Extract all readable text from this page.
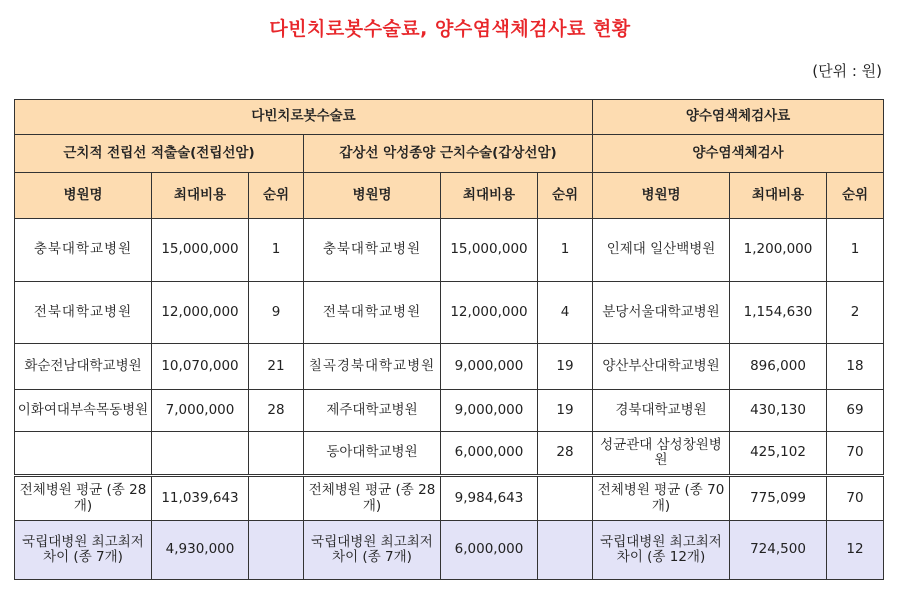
다빈치로봇수술료, 양수염색체검사료 현황
(단위 : 원)
다빈치로봇수술료						양수염색체검사료		
근치적 전립선 적출술(전립선암)			갑상선 악성종양 근치수술(갑상선암)			양수염색체검사		
병원명	최대비용	순위	병원명	최대비용	순위	병원명	최대비용	순위
충북대학교병원	15,000,000	1	충북대학교병원	15,000,000	1	인제대 일산백병원	1,200,000	1
전북대학교병원	12,000,000	9	전북대학교병원	12,000,000	4	분당서울대학교병원	1,154,630	2
화순전남대학교병원	10,070,000	21	칠곡경북대학교병원	9,000,000	19	양산부산대학교병원	896,000	18
이화여대부속목동병원	7,000,000	28	제주대학교병원	9,000,000	19	경북대학교병원	430,130	69
			동아대학교병원	6,000,000	28	성균관대 삼성창원병원	425,102	70
전체병원 평균 (종 28개)	11,039,643		전체병원 평균 (종 28개)	9,984,643		전체병원 평균 (종 70개)	775,099	70
국립대병원 최고최저 차이 (종 7개)	4,930,000		국립대병원 최고최저 차이 (종 7개)	6,000,000		국립대병원 최고최저 차이 (종 12개)	724,500	12
